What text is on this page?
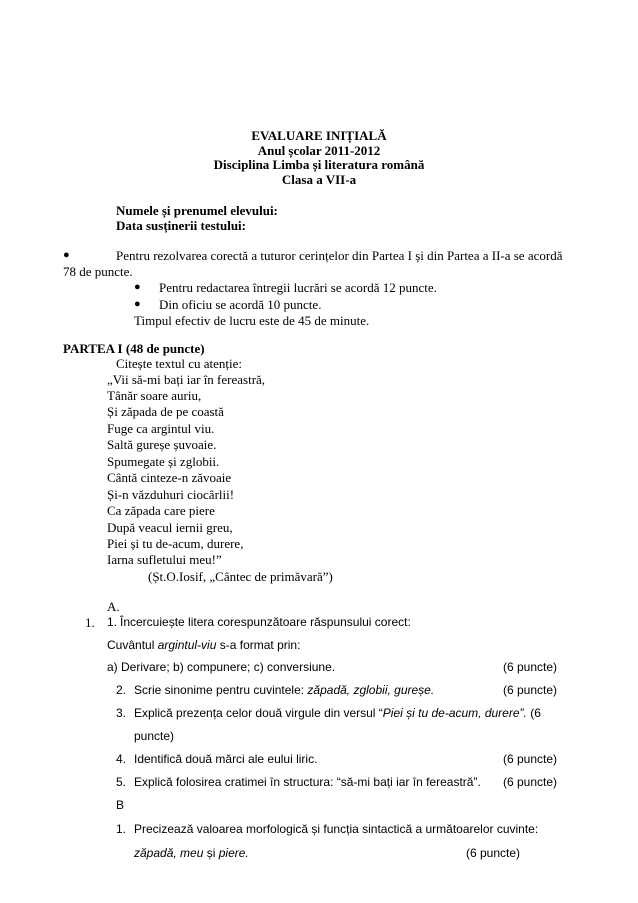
EVALUARE INIȚIALĂ
Anul școlar 2011-2012
Disciplina Limba și literatura română
Clasa a VII-a
Numele și prenumel elevului:
Data susținerii testului:
●	Pentru rezolvarea corectă a tuturor cerințelor din Partea I și din Partea a II-a se acordă
78 de puncte.
● Pentru redactarea întregii lucrări se acordă 12 puncte.
● Din oficiu se acordă 10 puncte.
Timpul efectiv de lucru este de 45 de minute.
PARTEA I (48 de puncte)
Citește textul cu atenție:
„Vii să-mi bați iar în fereastră,
Tânăr soare auriu,
Și zăpada de pe coastă
Fuge ca argintul viu.
Saltă gureșe șuvoaie.
Spumegate și zglobii.
Cântă cinteze-n zăvoaie
Și-n văzduhuri ciocârlii!
Ca zăpada care piere
După veacul iernii greu,
Piei și tu de-acum, durere,
Iarna sufletului meu!”
(Șt.O.Iosif, „Cântec de primăvară”)
A.
1. 1. Încercuiește litera corespunzătoare răspunsului corect:
Cuvântul argintul-viu s-a format prin:
a) Derivare; b) compunere; c) conversiune.	(6 puncte)
2. Scrie sinonime pentru cuvintele: zăpadă, zglobii, gureșe.	(6 puncte)
3. Explică prezența celor două virgule din versul “Piei și tu de-acum, durere”. (6
puncte)
4. Identifică două mărci ale eului liric.	(6 puncte)
5. Explică folosirea cratimei în structura: “să-mi bați iar în fereastră”. (6 puncte)
B
1. Precizează valoarea morfologică și funcția sintactică a următoarelor cuvinte:
zăpadă, meu și piere.	(6 puncte)
